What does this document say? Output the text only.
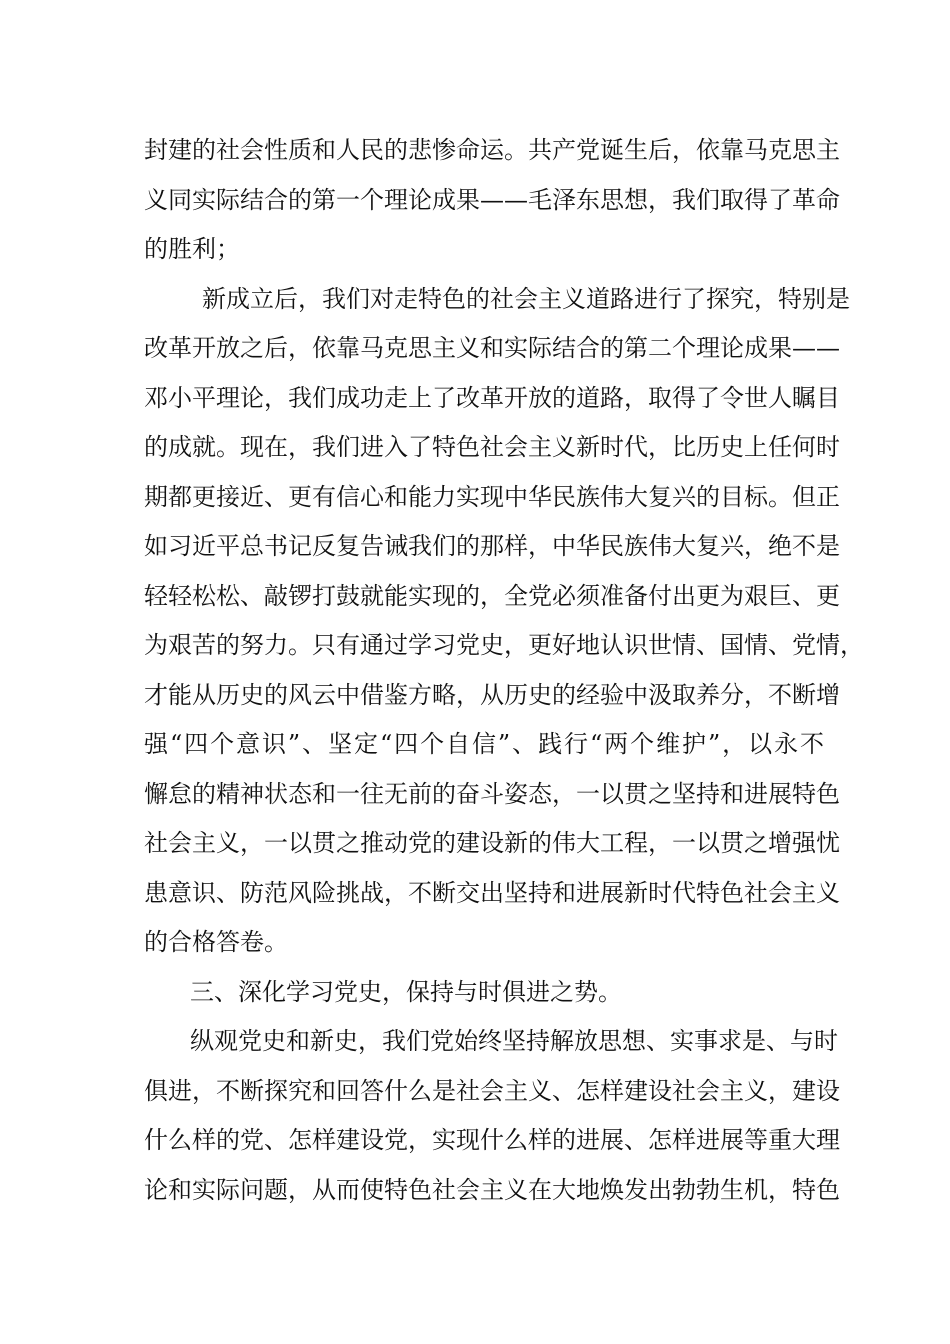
封建的社会性质和人民的悲惨命运。共产党诞生后，依靠马克思主
义同实际结合的第一个理论成果——毛泽东思想，我们取得了革命
的胜利；
新成立后，我们对走特色的社会主义道路进行了探究，特别是
改革开放之后，依靠马克思主义和实际结合的第二个理论成果——
邓小平理论，我们成功走上了改革开放的道路，取得了令世人瞩目
的成就。现在，我们进入了特色社会主义新时代，比历史上任何时
期都更接近、更有信心和能力实现中华民族伟大复兴的目标。但正
如习近平总书记反复告诫我们的那样，中华民族伟大复兴，绝不是
轻轻松松、敲锣打鼓就能实现的，全党必须准备付出更为艰巨、更
为艰苦的努力。只有通过学习党史，更好地认识世情、国情、党情，
才能从历史的风云中借鉴方略，从历史的经验中汲取养分，不断增
强“四个意识”、坚定“四个自信”、践行“两个维护”，以永不
懈怠的精神状态和一往无前的奋斗姿态，一以贯之坚持和进展特色
社会主义，一以贯之推动党的建设新的伟大工程，一以贯之增强忧
患意识、防范风险挑战，不断交出坚持和进展新时代特色社会主义
的合格答卷。
三、深化学习党史，保持与时俱进之势。
纵观党史和新史，我们党始终坚持解放思想、实事求是、与时
俱进，不断探究和回答什么是社会主义、怎样建设社会主义，建设
什么样的党、怎样建设党，实现什么样的进展、怎样进展等重大理
论和实际问题，从而使特色社会主义在大地焕发出勃勃生机，特色
